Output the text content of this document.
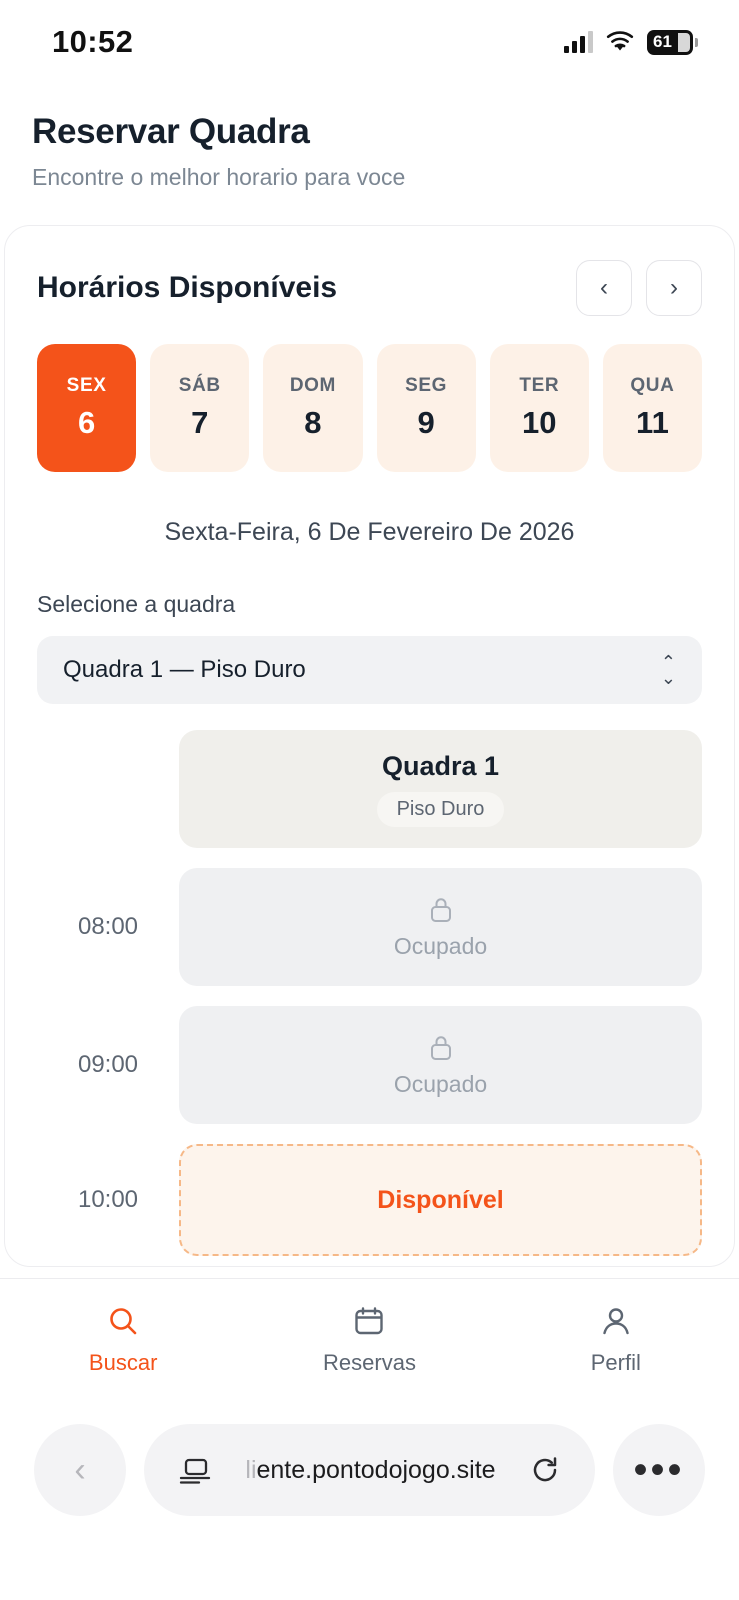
10:52	61
Reservar Quadra
Encontre o melhor horario para voce
Horários Disponíveis	‹	›
SEX
6
SÁB
7
DOM
8
SEG
9
TER
10
QUA
11
Sexta-Feira, 6 De Fevereiro De 2026
Selecione a quadra
Quadra 1 — Piso Duro	⌃
⌄
Quadra 1
Piso Duro
08:00
Ocupado
09:00
Ocupado
10:00	Disponível
Buscar	Reservas	Perfil
‹	liente.pontodojogo.site	•••
